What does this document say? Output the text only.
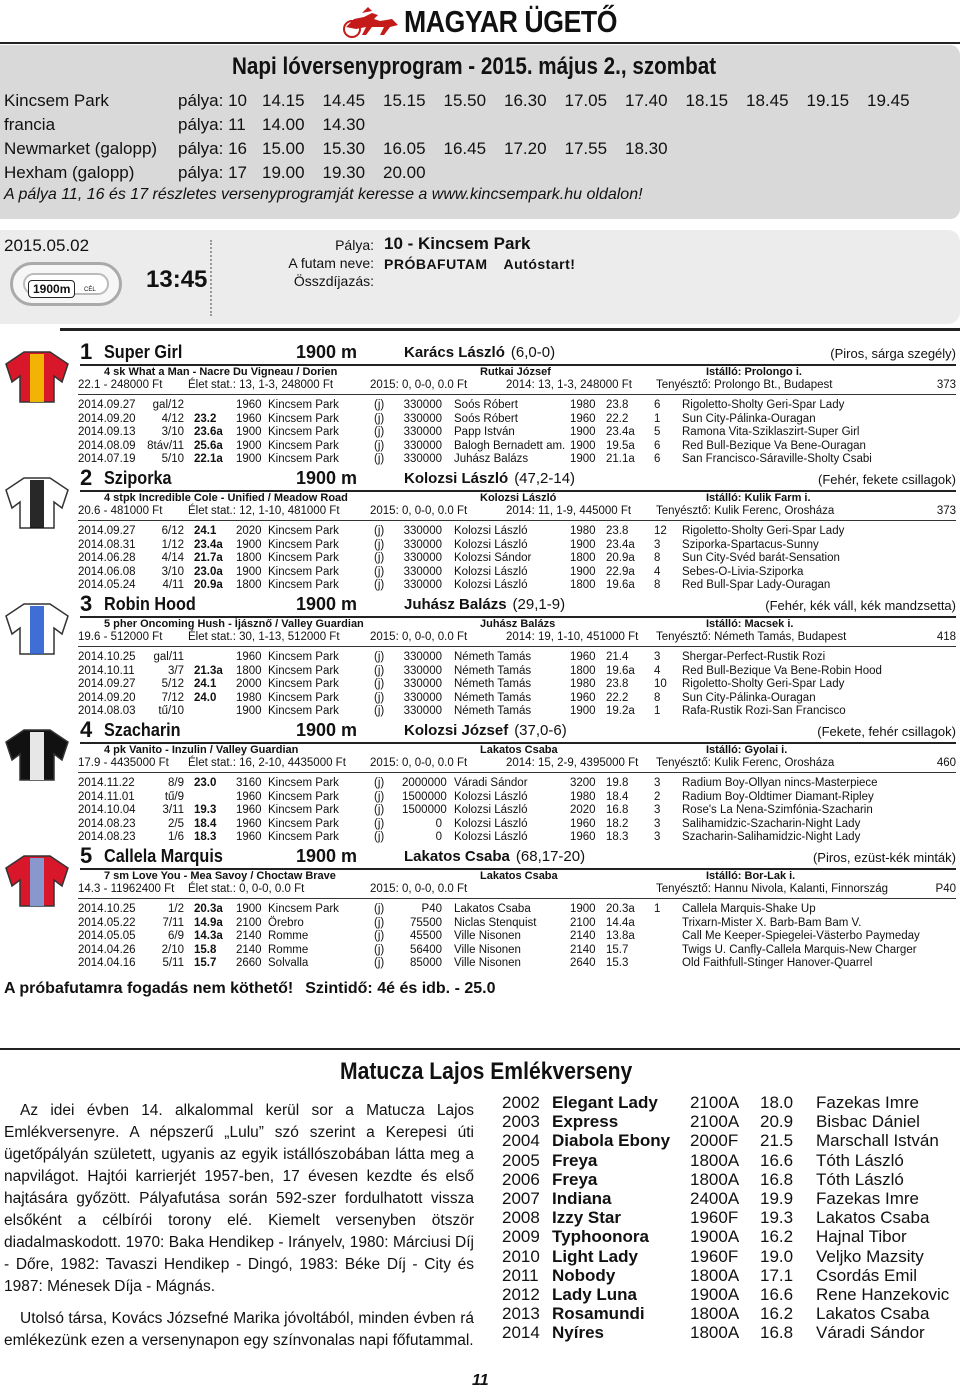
MAGYAR ÜGETŐ
Napi lóversenyprogram - 2015. május 2., szombat
Kincsem Park	pálya: 10 14.15	14.45	15.15	15.50	16.30	17.05	17.40	18.15	18.45	19.15	19.45
francia	pálya: 11 14.00	14.30
Newmarket (galopp)	pálya: 16 15.00	15.30	16.05	16.45	17.20	17.55	18.30
Hexham (galopp)	pálya: 17 19.00	19.30	20.00
A pálya 11, 16 és 17 részletes versenyprogramját keresse a www.kincsempark.hu oldalon!
2015.05.02
1900m	CÉL 13:45
Pálya:
A futam neve:
Összdíjazás:
10 - Kincsem Park
PRÓBAFUTAM Autóstart!
1 Super Girl	1900 m	Karács László (6,0-0)	(Piros, sárga szegély)
4 sk What a Man - Nacre Du Vigneau / Dorien	Rutkai József	Istálló: Prolongo i.
22.1 - 248000 Ft Élet stat.: 13, 1-3, 248000 Ft	2015: 0, 0-0, 0.0 Ft	2014: 13, 1-3, 248000 Ft Tenyésztő: Prolongo Bt., Budapest	373
2014.09.27	gal/12	1960 Kincsem Park	(j) 330000 Soós Róbert	1980 23.8 6 Rigoletto-Sholty Geri-Spar Lady
2014.09.20	4/12 23.2 1960 Kincsem Park	(j) 330000 Soós Róbert	1960 22.2 1 Sun City-Pálinka-Ouragan
2014.09.13	3/10 23.6a 1900 Kincsem Park	(j) 330000 Papp István	1900 23.4a 5 Ramona Vita-Sziklaszirt-Super Girl
2014.08.09 8táv/11 25.6a 1900 Kincsem Park	(j) 330000 Balogh Bernadett am. 1900 19.5a 6 Red Bull-Bezique Va Bene-Ouragan
2014.07.19	5/10 22.1a 1900 Kincsem Park	(j) 330000 Juhász Balázs	1900 21.1a 6 San Francisco-Sáraville-Sholty Csabi
2 Sziporka	1900 m	Kolozsi László (47,2-14)	(Fehér, fekete csillagok)
4 stpk Incredible Cole - Unified / Meadow Road	Kolozsi László	Istálló: Kulik Farm i.
20.6 - 481000 Ft Élet stat.: 12, 1-10, 481000 Ft	2015: 0, 0-0, 0.0 Ft	2014: 11, 1-9, 445000 Ft Tenyésztő: Kulik Ferenc, Orosháza	373
2014.09.27	6/12 24.1 2020 Kincsem Park	(j) 330000 Kolozsi László	1980 23.8 12 Rigoletto-Sholty Geri-Spar Lady
2014.08.31	1/12 23.4a 1900 Kincsem Park	(j) 330000 Kolozsi László	1900 23.4a 3 Sziporka-Spartacus-Sunny
2014.06.28	4/14 21.7a 1800 Kincsem Park	(j) 330000 Kolozsi Sándor	1800 20.9a 8 Sun City-Svéd barát-Sensation
2014.06.08	3/10 23.0a 1900 Kincsem Park	(j) 330000 Kolozsi László	1900 22.9a 4 Sebes-O-Livia-Sziporka
2014.05.24	4/11 20.9a 1800 Kincsem Park	(j) 330000 Kolozsi László	1800 19.6a 8 Red Bull-Spar Lady-Ouragan
3 Robin Hood	1900 m	Juhász Balázs (29,1-9)	(Fehér, kék váll, kék mandzsetta)
5 pher Oncoming Hush - Íjásznő / Valley Guardian	Juhász Balázs	Istálló: Macsek i.
19.6 - 512000 Ft Élet stat.: 30, 1-13, 512000 Ft	2015: 0, 0-0, 0.0 Ft	2014: 19, 1-10, 451000 Ft Tenyésztő: Németh Tamás, Budapest	418
2014.10.25	gal/11	1960 Kincsem Park	(j) 330000 Németh Tamás	1960 21.4 3 Shergar-Perfect-Rustik Rozi
2014.10.11	3/7 21.3a 1800 Kincsem Park	(j) 330000 Németh Tamás	1800 19.6a 4 Red Bull-Bezique Va Bene-Robin Hood
2014.09.27	5/12 24.1 2000 Kincsem Park	(j) 330000 Németh Tamás	1980 23.8 10 Rigoletto-Sholty Geri-Spar Lady
2014.09.20	7/12 24.0 1980 Kincsem Park	(j) 330000 Németh Tamás	1960 22.2 8 Sun City-Pálinka-Ouragan
2014.08.03	tű/10	1900 Kincsem Park	(j) 330000 Németh Tamás	1900 19.2a 1 Rafa-Rustik Rozi-San Francisco
4 Szacharin	1900 m	Kolozsi József (37,0-6)	(Fekete, fehér csillagok)
4 pk Vanito - Inzulin / Valley Guardian	Lakatos Csaba	Istálló: Gyolai i.
17.9 - 4435000 Ft Élet stat.: 16, 2-10, 4435000 Ft 2015: 0, 0-0, 0.0 Ft	2014: 15, 2-9, 4395000 Ft Tenyésztő: Kulik Ferenc, Orosháza	460
2014.11.22	8/9 23.0 3160 Kincsem Park	(j) 2000000 Váradi Sándor	3200 19.8 3 Radium Boy-Ollyan nincs-Masterpiece
2014.11.01	tű/9	1960 Kincsem Park	(j) 1500000 Kolozsi László	1980 18.4 2 Radium Boy-Oldtimer Diamant-Ripley
2014.10.04	3/11 19.3 1960 Kincsem Park	(j) 1500000 Kolozsi László	2020 16.8 3 Rose's La Nena-Szimfónia-Szacharin
2014.08.23	2/5 18.4 1960 Kincsem Park	(j)	0 Kolozsi László	1960 18.2 3 Salihamidzic-Szacharin-Night Lady
2014.08.23	1/6 18.3 1960 Kincsem Park	(j)	0 Kolozsi László	1960 18.3 3 Szacharin-Salihamidzic-Night Lady
5 Callela Marquis	1900 m	Lakatos Csaba (68,17-20)	(Piros, ezüst-kék minták)
7 sm Love You - Mea Savoy / Choctaw Brave	Lakatos Csaba	Istálló: Bor-Lak i.
14.3 - 11962400 Ft Élet stat.: 0, 0-0, 0.0 Ft	2015: 0, 0-0, 0.0 Ft	Tenyésztő: Hannu Nivola, Kalanti, Finnország	P40
2014.10.25	1/2 20.3a 1900 Kincsem Park	(j)	P40 Lakatos Csaba	1900 20.3a 1 Callela Marquis-Shake Up
2014.05.22	7/11 14.9a 2100 Örebro	(j)	75500 Niclas Stenquist	2100 14.4a	Trixarn-Mister X. Barb-Bam Bam V.
2014.05.05	6/9 14.3a 2140 Romme	(j)	45500 Ville Nisonen	2140 13.8a	Call Me Keeper-Spiegelei-Västerbo Paymeday
2014.04.26	2/10 15.8 2140 Romme	(j)	56400 Ville Nisonen	2140 15.7	Twigs U. Canfly-Callela Marquis-New Charger
2014.04.16	5/11 15.7 2660 Solvalla	(j)	85000 Ville Nisonen	2640 15.3	Old Faithfull-Stinger Hanover-Quarrel
A próbafutamra fogadás nem köthető! Szintidő: 4é és idb. - 25.0
Matucza Lajos Emlékverseny

Az idei évben 14. alkalommal kerül sor a Matucza Lajos Emlékversenyre. A népszerű „Lulu” szó szerint a Kerepesi úti ügetőpályán született, ugyanis az egyik istállószobában látta meg a napvilágot. Hajtói karrierjét 1957-ben, 17 évesen kezdte és első hajtására győzött. Pályafutása során 592-szer fordulhatott vissza elsőként a célbírói torony elé. Kiemelt versenyben ötször diadalmaskodott. 1970: Baka Hendikep - Irányelv, 1980: Márciusi Díj - Dőre, 1982: Tavaszi Hendikep - Dingó, 1983: Béke Díj - City és 1987: Ménesek Díja - Mágnás.

Utolsó társa, Kovács Józsefné Marika jóvoltából, minden évben rá emlékezünk ezen a versenynapon egy színvonalas napi főfutammal.

2002 Elegant Lady 2100A 18.0 Fazekas Imre
2003 Express	2100A 20.9 Bisbac Dániel
2004 Diabola Ebony 2000F 21.5 Marschall István
2005 Freya	1800A 16.6 Tóth László
2006 Freya	1800A 16.8 Tóth László
2007 Indiana	2400A 19.9 Fazekas Imre
2008 Izzy Star	1960F 19.3 Lakatos Csaba
2009 Typhoonora 1900A 16.2 Hajnal Tibor
2010 Light Lady	1960F 19.0 Veljko Mazsity
2011 Nobody	1800A 17.1 Csordás Emil
2012 Lady Luna	1900A 16.6 Rene Hanzekovic
2013 Rosamundi	1800A 16.2 Lakatos Csaba
2014 Nyíres	1800A 16.8 Váradi Sándor
11
